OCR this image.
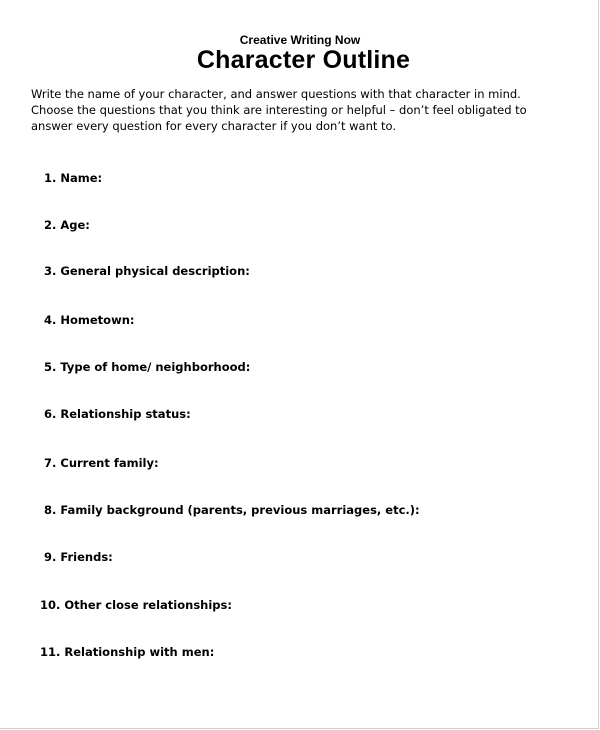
Creative Writing Now
Character Outline
Write the name of your character, and answer questions with that character in mind.
Choose the questions that you think are interesting or helpful – don’t feel obligated to
answer every question for every character if you don’t want to.
1. Name:
2. Age:
3. General physical description:
4. Hometown:
5. Type of home/ neighborhood:
6. Relationship status:
7. Current family:
8. Family background (parents, previous marriages, etc.):
9. Friends:
10. Other close relationships:
11. Relationship with men:
